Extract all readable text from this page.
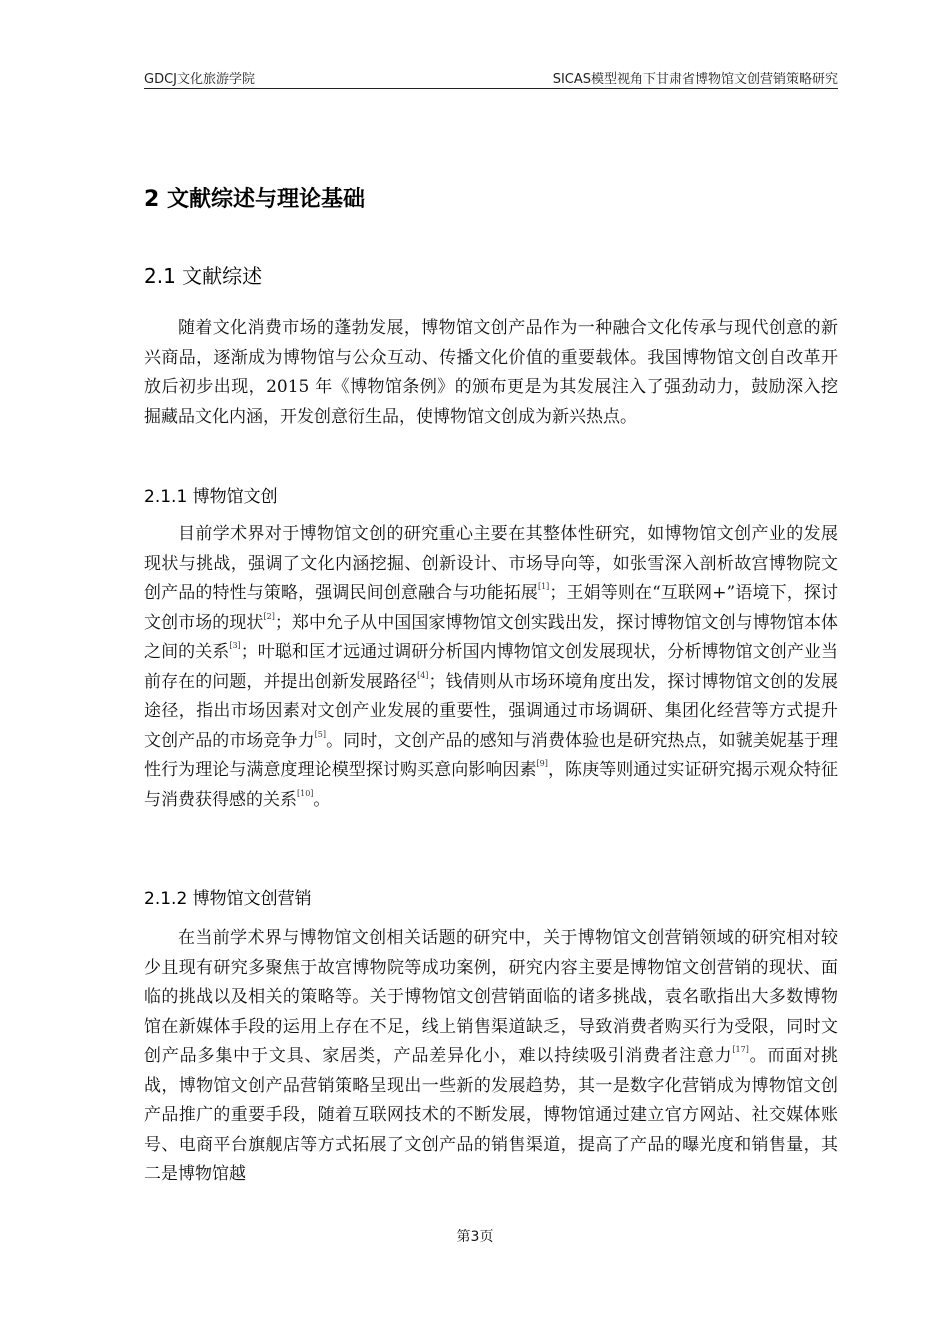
GDCJ文化旅游学院	SICAS模型视角下甘肃省博物馆文创营销策略研究
2 文献综述与理论基础
2.1 文献综述

随着文化消费市场的蓬勃发展，博物馆文创产品作为一种融合文化传承与现代创意的新兴商品，逐渐成为博物馆与公众互动、传播文化价值的重要载体。我国博物馆文创自改革开放后初步出现，2015 年《博物馆条例》的颁布更是为其发展注入了强劲动力，鼓励深入挖掘藏品文化内涵，开发创意衍生品，使博物馆文创成为新兴热点。

2.1.1 博物馆文创

目前学术界对于博物馆文创的研究重心主要在其整体性研究，如博物馆文创产业的发展现状与挑战，强调了文化内涵挖掘、创新设计、市场导向等，如张雪深入剖析故宫博物院文创产品的特性与策略，强调民间创意融合与功能拓展[1]；王娟等则在“互联网+”语境下，探讨文创市场的现状[2]；郑中允子从中国国家博物馆文创实践出发，探讨博物馆文创与博物馆本体之间的关系[3]；叶聪和匡才远通过调研分析国内博物馆文创发展现状，分析博物馆文创产业当前存在的问题，并提出创新发展路径[4]；钱倩则从市场环境角度出发，探讨博物馆文创的发展途径，指出市场因素对文创产业发展的重要性，强调通过市场调研、集团化经营等方式提升文创产品的市场竞争力[5]。同时，文创产品的感知与消费体验也是研究热点，如虢美妮基于理性行为理论与满意度理论模型探讨购买意向影响因素[9]，陈庚等则通过实证研究揭示观众特征与消费获得感的关系[10]。

2.1.2 博物馆文创营销

在当前学术界与博物馆文创相关话题的研究中，关于博物馆文创营销领域的研究相对较少且现有研究多聚焦于故宫博物院等成功案例，研究内容主要是博物馆文创营销的现状、面临的挑战以及相关的策略等。关于博物馆文创营销面临的诸多挑战，袁名歌指出大多数博物馆在新媒体手段的运用上存在不足，线上销售渠道缺乏，导致消费者购买行为受限，同时文创产品多集中于文具、家居类，产品差异化小，难以持续吸引消费者注意力[17]。而面对挑战，博物馆文创产品营销策略呈现出一些新的发展趋势，其一是数字化营销成为博物馆文创产品推广的重要手段，随着互联网技术的不断发展，博物馆通过建立官方网站、社交媒体账号、电商平台旗舰店等方式拓展了文创产品的销售渠道，提高了产品的曝光度和销售量，其二是博物馆越

第3页
